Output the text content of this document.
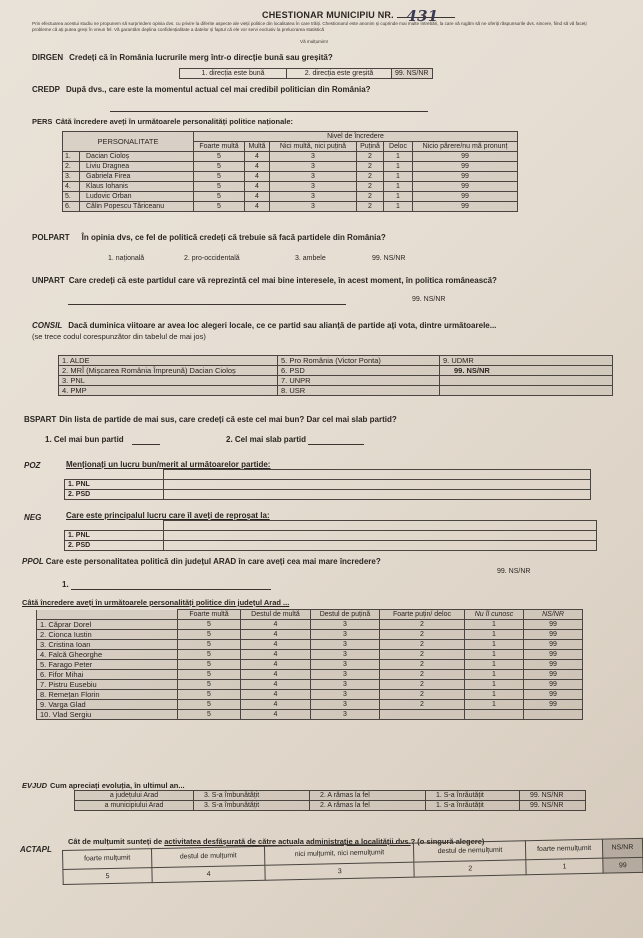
CHESTIONAR MUNICIPIU NR. 431
Prin efectuarea acestui studiu ne propunem să surprindem opinia dvs. cu privire la diferite aspecte ale vieții politice din localitatea în care trăiți. Chestionarul este anonim și cuprinde mai multe întrebări, la care vă rugăm să ne oferiți răspunsurile dvs. sincere, fiind să vă faceți probleme că ați putea greși în vreun fel. Vă garantăm deplina confidențialitate a datelor și faptul că ele vor servi exclusiv la prelucrarea statistică
Vă mulțumim!
DIRGEN Credeți că în România lucrurile merg într-o direcție bună sau greșită?
1. direcția este bună	2. direcția este greșită	99. NS/NR
CREDP După dvs., care este la momentul actual cel mai credibil politician din România?
PERS Câtă încredere aveți în următoarele personalități politice naționale:
PERSONALITATE	Nivel de încredere					
	Foarte multă	Multă	Nici multă, nici puțină	Puțină	Deloc	Nicio părere/nu mă pronunț
1. Dacian Cioloș	5	4	3	2	1	99
2. Liviu Dragnea	5	4	3	2	1	99
3. Gabriela Firea	5	4	3	2	1	99
4. Klaus Iohanis	5	4	3	2	1	99
5. Ludovic Orban	5	4	3	2	1	99
6. Călin Popescu Tăriceanu	5	4	3	2	1	99
POLPART În opinia dvs, ce fel de politică credeți că trebuie să facă partidele din România?
1. națională	2. pro-occidentală	3. ambele	99. NS/NR
UNPART Care credeți că este partidul care vă reprezintă cel mai bine interesele, în acest moment, în politica românească?
99. NS/NR
CONSIL Dacă duminica viitoare ar avea loc alegeri locale, ce ce partid sau alianță de partide ați vota, dintre următoarele...
(se trece codul corespunzător din tabelul de mai jos)
1. ALDE	5. Pro România (Victor Ponta)	9. UDMR
2. MRÎ (Mișcarea România Împreună) Dacian Cioloș	6. PSD	99. NS/NR
3. PNL	7. UNPR	
4. PMP	8. USR	
BSPART Din lista de partide de mai sus, care credeți că este cel mai bun? Dar cel mai slab partid?
1. Cel mai bun partid	2. Cel mai slab partid
POZ	Menționați un lucru bun/merit al următoarelor partide:

1. PNL	
2. PSD	
NEG	Care este principalul lucru care îl aveți de reproșat la:

1. PNL	
2. PSD	
PPOL Care este personalitatea politică din județul ARAD în care aveți cea mai mare încredere?
99. NS/NR
1.
Câtă încredere aveți în următoarele personalități politice din județul Arad ...
	Foarte multă	Destul de multă	Destul de puțină	Foarte puțin/ deloc	Nu îl cunosc	NS/NR
1. Căprar Dorel	5	4	3	2	1	99
2. Cionca Iustin	5	4	3	2	1	99
3. Cristina Ioan	5	4	3	2	1	99
4. Falcă Gheorghe	5	4	3	2	1	99
5. Farago Peter	5	4	3	2	1	99
6. Fifor Mihai	5	4	3	2	1	99
7. Pistru Eusebiu	5	4	3	2	1	99
8. Remețan Florin	5	4	3	2	1	99
9. Varga Glad	5	4	3	2	1	99
10. Vlad Sergiu	5	4	3			
EVJUD Cum apreciați evoluția, în ultimul an...
a județului Arad	3. S-a îmbunătățit	2. A rămas la fel	1. S-a înrăutățit	99. NS/NR
a municipiului Arad	3. S-a îmbunătățit	2. A rămas la fel	1. S-a înrăutățit	99. NS/NR
ACTAPL
Cât de mulțumit sunteți de activitatea desfășurată de către actuala administrație a localității dvs.? (o singură alegere)
foarte mulțumit	destul de mulțumit	nici mulțumit, nici nemulțumit	destul de nemulțumit	foarte nemulțumit	NS/NR
5	4	3	2	1	99
